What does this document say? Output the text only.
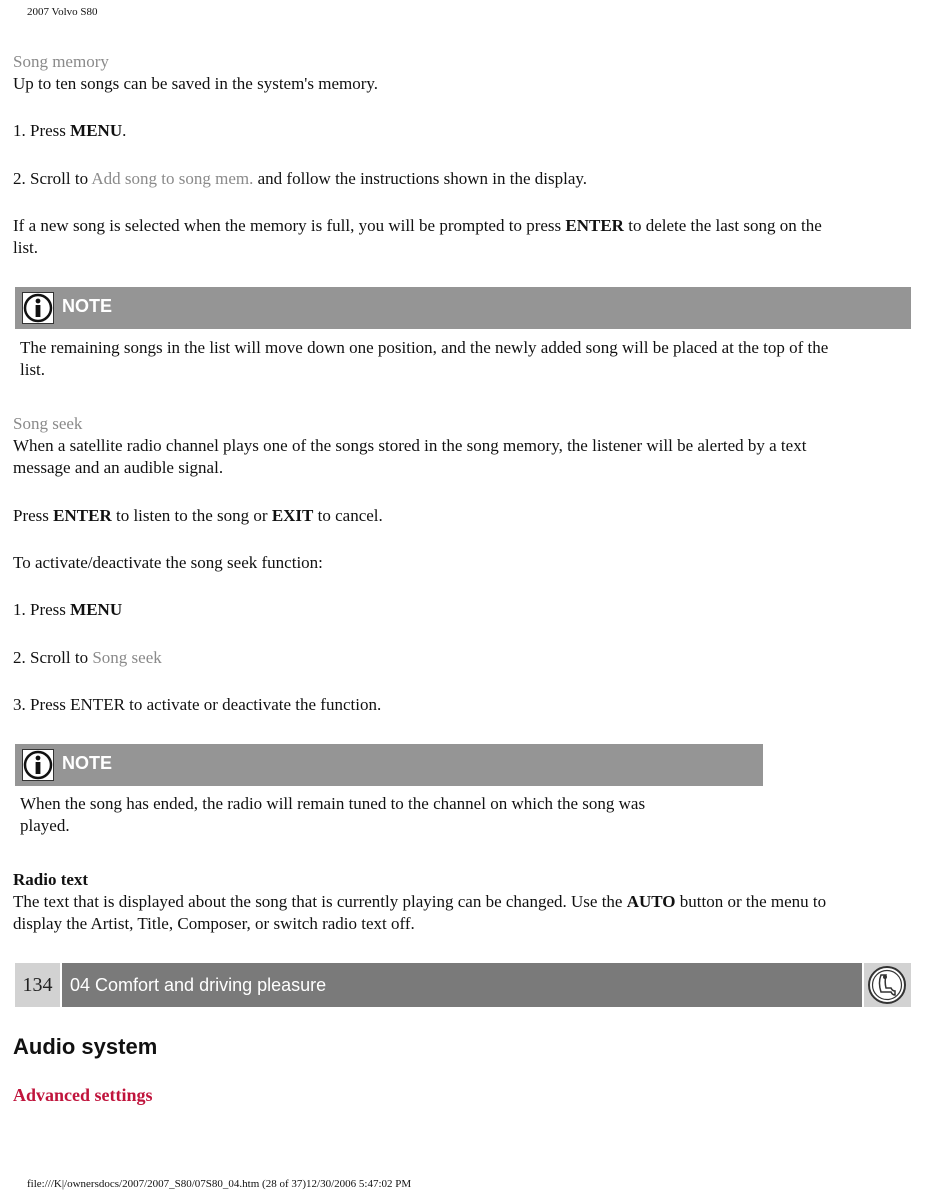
2007 Volvo S80
Song memory
Up to ten songs can be saved in the system's memory.
1. Press MENU.
2. Scroll to Add song to song mem. and follow the instructions shown in the display.
If a new song is selected when the memory is full, you will be prompted to press ENTER to delete the last song on the
list.
NOTE
The remaining songs in the list will move down one position, and the newly added song will be placed at the top of the
list.
Song seek
When a satellite radio channel plays one of the songs stored in the song memory, the listener will be alerted by a text
message and an audible signal.
Press ENTER to listen to the song or EXIT to cancel.
To activate/deactivate the song seek function:
1. Press MENU
2. Scroll to Song seek
3. Press ENTER to activate or deactivate the function.
NOTE
When the song has ended, the radio will remain tuned to the channel on which the song was
played.
Radio text
The text that is displayed about the song that is currently playing can be changed. Use the AUTO button or the menu to
display the Artist, Title, Composer, or switch radio text off.
134 04 Comfort and driving pleasure
Audio system
Advanced settings
file:///K|/ownersdocs/2007/2007_S80/07S80_04.htm (28 of 37)12/30/2006 5:47:02 PM
